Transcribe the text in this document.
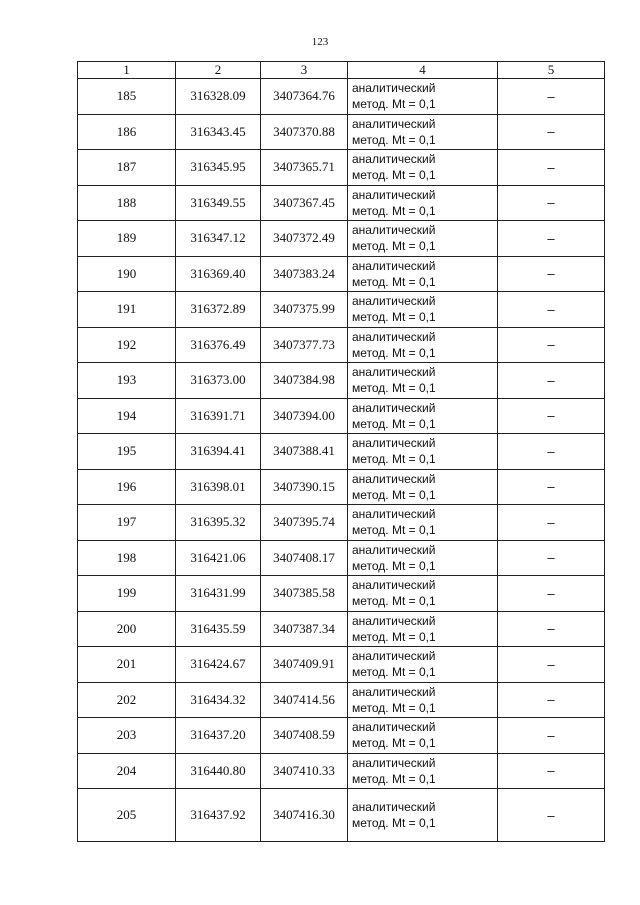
123
1	2	3	4	5
185	316328.09	3407364.76	аналитический
метод. Mt = 0,1	–
186	316343.45	3407370.88	аналитический
метод. Mt = 0,1	–
187	316345.95	3407365.71	аналитический
метод. Mt = 0,1	–
188	316349.55	3407367.45	аналитический
метод. Mt = 0,1	–
189	316347.12	3407372.49	аналитический
метод. Mt = 0,1	–
190	316369.40	3407383.24	аналитический
метод. Mt = 0,1	–
191	316372.89	3407375.99	аналитический
метод. Mt = 0,1	–
192	316376.49	3407377.73	аналитический
метод. Mt = 0,1	–
193	316373.00	3407384.98	аналитический
метод. Mt = 0,1	–
194	316391.71	3407394.00	аналитический
метод. Mt = 0,1	–
195	316394.41	3407388.41	аналитический
метод. Mt = 0,1	–
196	316398.01	3407390.15	аналитический
метод. Mt = 0,1	–
197	316395.32	3407395.74	аналитический
метод. Mt = 0,1	–
198	316421.06	3407408.17	аналитический
метод. Mt = 0,1	–
199	316431.99	3407385.58	аналитический
метод. Mt = 0,1	–
200	316435.59	3407387.34	аналитический
метод. Mt = 0,1	–
201	316424.67	3407409.91	аналитический
метод. Mt = 0,1	–
202	316434.32	3407414.56	аналитический
метод. Mt = 0,1	–
203	316437.20	3407408.59	аналитический
метод. Mt = 0,1	–
204	316440.80	3407410.33	аналитический
метод. Mt = 0,1	–
205	316437.92	3407416.30	аналитический
метод. Mt = 0,1	–
